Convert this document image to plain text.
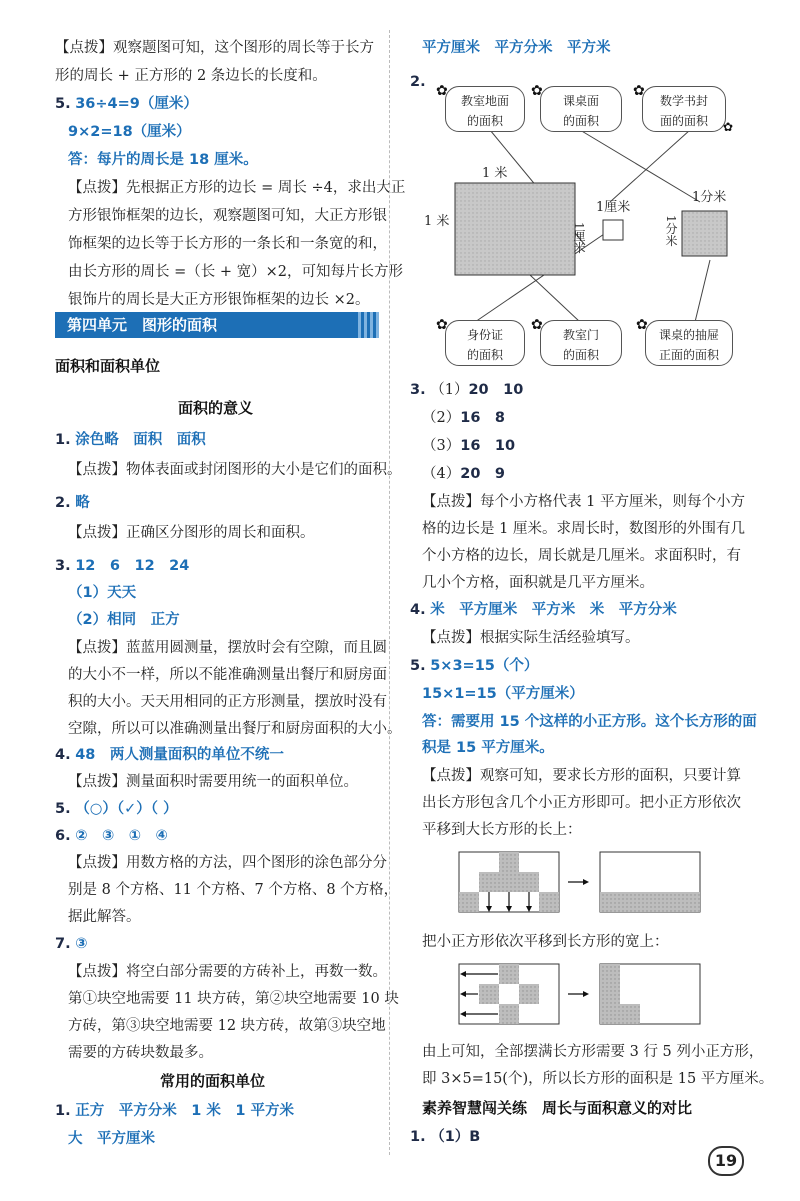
【点拨】观察题图可知，这个图形的周长等于长方
形的周长 + 正方形的 2 条边长的长度和。
5. 36÷4=9（厘米）
9×2=18（厘米）
答：每片的周长是 18 厘米。
【点拨】先根据正方形的边长 = 周长 ÷4，求出大正
方形银饰框架的边长，观察题图可知，大正方形银
饰框架的边长等于长方形的一条长和一条宽的和，
由长方形的周长 =（长 + 宽）×2，可知每片长方形
银饰片的周长是大正方形银饰框架的边长 ×2。
第四单元　图形的面积
面积和面积单位
面积的意义
1. 涂色略　面积　面积
【点拨】物体表面或封闭图形的大小是它们的面积。
2. 略
【点拨】正确区分图形的周长和面积。
3. 12　6　12　24
（1）天天
（2）相同　正方
【点拨】蓝蓝用圆测量，摆放时会有空隙，而且圆
的大小不一样，所以不能准确测量出餐厅和厨房面
积的大小。天天用相同的正方形测量，摆放时没有
空隙，所以可以准确测量出餐厅和厨房面积的大小。
4. 48　两人测量面积的单位不统一
【点拨】测量面积时需要用统一的面积单位。
5. （○）（✓）（ ）
6. ②　③　①　④
【点拨】用数方格的方法，四个图形的涂色部分分
别是 8 个方格、11 个方格、7 个方格、8 个方格，
据此解答。
7. ③
【点拨】将空白部分需要的方砖补上，再数一数。
第①块空地需要 11 块方砖，第②块空地需要 10 块
方砖，第③块空地需要 12 块方砖，故第③块空地
需要的方砖块数最多。
常用的面积单位
1. 正方　平方分米　1 米　1 平方米
大　平方厘米
平方厘米　平方分米　平方米
2.
1 米
1 米
1厘米
1厘米
1分米
1分米
✿
教室地面
的面积
✿
课桌面
的面积
✿
✿
数学书封
面的面积
✿
身份证
的面积
✿
教室门
的面积
✿
课桌的抽屉
正面的面积
3. （1）20　10
（2）16　8
（3）16　10
（4）20　9
【点拨】每个小方格代表 1 平方厘米，则每个小方
格的边长是 1 厘米。求周长时，数图形的外围有几
个小方格的边长，周长就是几厘米。求面积时，有
几小个方格，面积就是几平方厘米。
4. 米　平方厘米　平方米　米　平方分米
【点拨】根据实际生活经验填写。
5. 5×3=15（个）
15×1=15（平方厘米）
答：需要用 15 个这样的小正方形。这个长方形的面
积是 15 平方厘米。
【点拨】观察可知，要求长方形的面积，只要计算
出长方形包含几个小正方形即可。把小正方形依次
平移到大长方形的长上：
把小正方形依次平移到长方形的宽上：
由上可知，全部摆满长方形需要 3 行 5 列小正方形，
即 3×5=15(个)，所以长方形的面积是 15 平方厘米。
素养智慧闯关练　周长与面积意义的对比
1. （1）B
19
